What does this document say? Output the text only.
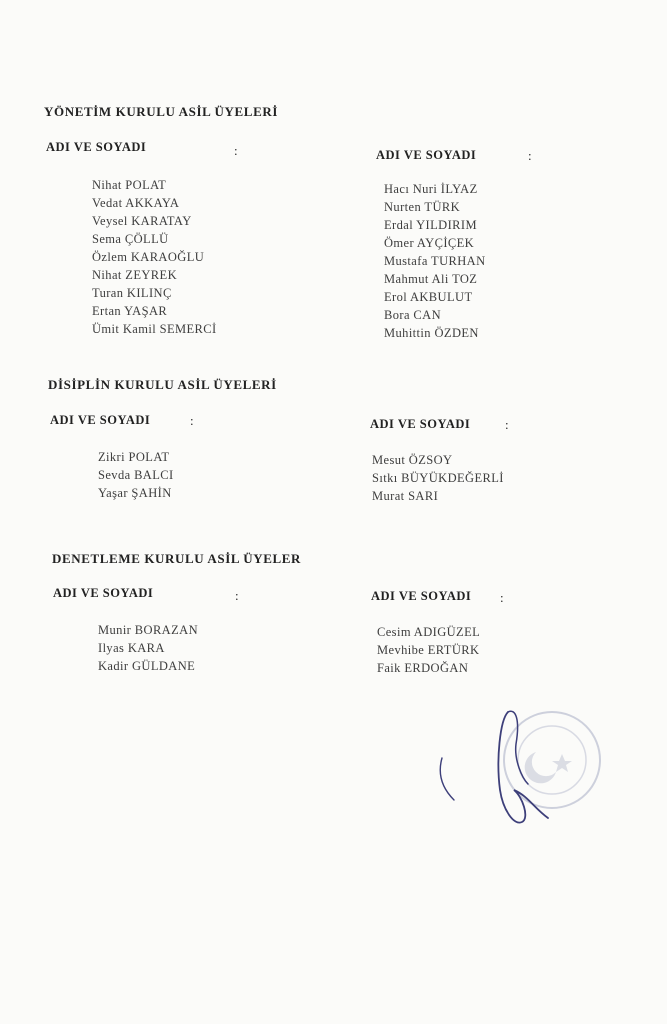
YÖNETİM KURULU ASİL ÜYELERİ
ADI VE SOYADI	:	ADI VE SOYADI	:
Nihat POLAT
Vedat AKKAYA
Veysel KARATAY
Sema ÇÖLLÜ
Özlem KARAOĞLU
Nihat ZEYREK
Turan KILINÇ
Ertan YAŞAR
Ümit Kamil SEMERCİ
Hacı Nuri İLYAZ
Nurten TÜRK
Erdal YILDIRIM
Ömer AYÇİÇEK
Mustafa TURHAN
Mahmut Ali TOZ
Erol AKBULUT
Bora CAN
Muhittin ÖZDEN
DİSİPLİN KURULU ASİL ÜYELERİ
ADI VE SOYADI	:	ADI VE SOYADI	:
Zikri POLAT
Sevda BALCI
Yaşar ŞAHİN
Mesut ÖZSOY
Sıtkı BÜYÜKDEĞERLİ
Murat SARI
DENETLEME KURULU ASİL ÜYELER
ADI VE SOYADI	:	ADI VE SOYADI :
Munir BORAZAN
Ilyas KARA
Kadir GÜLDANE
Cesim ADIGÜZEL
Mevhibe ERTÜRK
Faik ERDOĞAN
